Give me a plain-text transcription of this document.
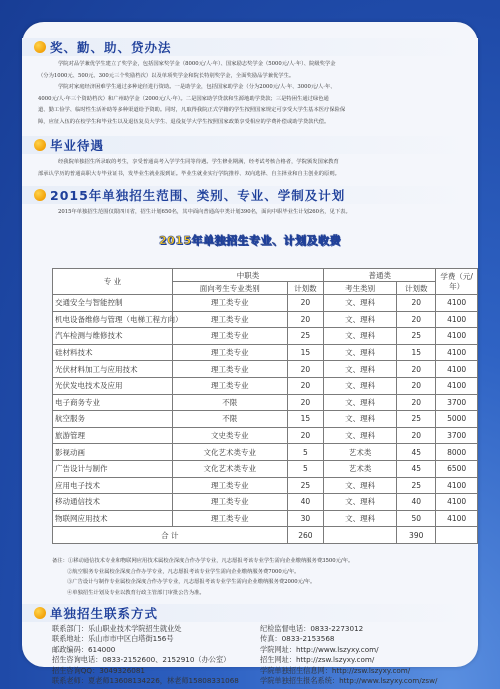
奖、勤、助、贷办法
学院对品学兼优学生建立了奖学金，包括国家奖学金（8000元/人·年）、国家励志奖学金（5000元/人·年）、院级奖学金
（分为1000元、500元、300元三个奖励档次）以及单项奖学金和院长特别奖学金，全面奖励品学兼优学生。
学院对家庭经济困难学生通过多种途径进行资助。一是助学金，包括国家助学金（分为2000元/人·年、3000元/人·年、
4000元/人·年三个资助档次）和广州助学金（2000元/人·年）。二是国家助学贷款和生源地助学贷款；三是特困生通过绿色通
道、勤工俭学、临时性生活补助等多种渠道给予资助。同时，凡取得我院正式学籍的学生按照国家规定可享受大学生基本医疗保险保
障，应征入伍的在校学生和毕业生以及退伍复员大学生、退役复学大学生按照国家政策享受相应的学费补偿或助学贷款代偿。
毕业待遇
经我院单独招生所录取的考生，享受普通高考入学学生同等待遇。学生修业期满，经考试考核合格者，学院颁发国家教育
部承认学历的普通高职大专毕业证书，发毕业生就业报到证。毕业生就业实行学院推荐、双向选择、自主择业和自主创业的原则。
2015年单独招生范围、类别、专业、学制及计划
2015年单独招生范围仅限四川省，招生计划650名，其中面向普通高中类计划390名，面向中职毕业生计划260名，见下表。
2015年单独招生专业、计划及收费
专 业	中职类		普通类		学费（元/年）
	面向考生专业类别	计划数	考生类别	计划数	
交通安全与智能控制	理工类专业	20	文、理科	20	4100
机电设备维修与管理（电梯工程方向）	理工类专业	20	文、理科	20	4100
汽车检测与维修技术	理工类专业	25	文、理科	25	4100
硅材料技术	理工类专业	15	文、理科	15	4100
光伏材料加工与应用技术	理工类专业	20	文、理科	20	4100
光伏发电技术及应用	理工类专业	20	文、理科	20	4100
电子商务专业	不限	20	文、理科	20	3700
航空服务	不限	15	文、理科	25	5000
旅游管理	文史类专业	20	文、理科	20	3700
影视动画	文化艺术类专业	5	艺术类	45	8000
广告设计与制作	文化艺术类专业	5	艺术类	45	6500
应用电子技术	理工类专业	25	文、理科	25	4100
移动通信技术	理工类专业	40	文、理科	40	4100
物联网应用技术	理工类专业	30	文、理科	50	4100
合 计		260		390	
备注：①移动通信技术专业和物联网应用技术属校企深度合作办学专业，凡志愿报考该专业学生需向企业缴纳服务费3500元/年。
②航空服务专业属校企深度合作办学专业，凡志愿报考该专业学生需向企业缴纳服务费7000元/年。
③广告设计与制作专业属校企深度合作办学专业，凡志愿报考该专业学生需向企业缴纳服务费2000元/年。
④单独招生计划及专业以教育行政主管部门审批公告为准。
单独招生联系方式
联系部门：乐山职业技术学院招生就业处	纪检监督电话：0833-2273012
联系地址：乐山市市中区白塔街156号	传真：0833-2153568
邮政编码：614000	学院网址：http://www.lszyxy.com/
招生咨询电话：0833-2152600、2152910（办公室）	招生网址：http://zsw.lszyxy.com/
招生咨询QQ：3049326081	学院单独招生信息网：http://zsw.lszyxy.com/
联系老师：夏老师13608134226，林老师15808331068	学院单独招生报名系统：http://www.lszyxy.com/zsw/
